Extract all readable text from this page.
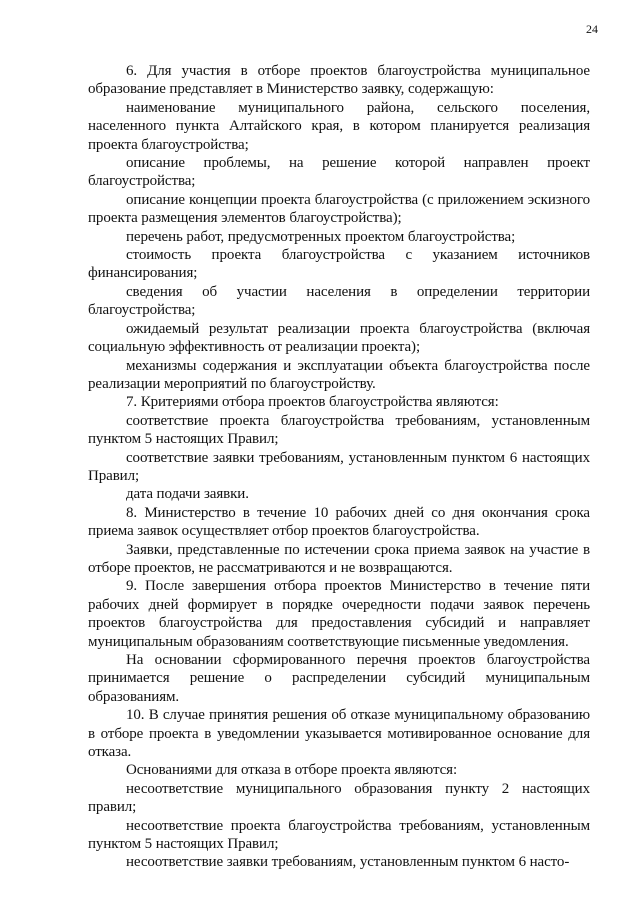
24

6. Для участия в отборе проектов благоустройства муниципальное образование представляет в Министерство заявку, содержащую:

наименование муниципального района, сельского поселения, населенного пункта Алтайского края, в котором планируется реализация проекта благоустройства;

описание проблемы, на решение которой направлен проект благоустройства;

описание концепции проекта благоустройства (с приложением эскизного проекта размещения элементов благоустройства);

перечень работ, предусмотренных проектом благоустройства;

стоимость проекта благоустройства с указанием источников финансирования;

сведения об участии населения в определении территории благоустройства;

ожидаемый результат реализации проекта благоустройства (включая социальную эффективность от реализации проекта);

механизмы содержания и эксплуатации объекта благоустройства после реализации мероприятий по благоустройству.

7. Критериями отбора проектов благоустройства являются:

соответствие проекта благоустройства требованиям, установленным пунктом 5 настоящих Правил;

соответствие заявки требованиям, установленным пунктом 6 настоящих Правил;

дата подачи заявки.

8. Министерство в течение 10 рабочих дней со дня окончания срока приема заявок осуществляет отбор проектов благоустройства.

Заявки, представленные по истечении срока приема заявок на участие в отборе проектов, не рассматриваются и не возвращаются.

9. После завершения отбора проектов Министерство в течение пяти рабочих дней формирует в порядке очередности подачи заявок перечень проектов благоустройства для предоставления субсидий и направляет муниципальным образованиям соответствующие письменные уведомления.

На основании сформированного перечня проектов благоустройства принимается решение о распределении субсидий муниципальным образованиям.

10. В случае принятия решения об отказе муниципальному образованию в отборе проекта в уведомлении указывается мотивированное основание для отказа.

Основаниями для отказа в отборе проекта являются:

несоответствие муниципального образования пункту 2 настоящих правил;

несоответствие проекта благоустройства требованиям, установленным пунктом 5 настоящих Правил;

несоответствие заявки требованиям, установленным пунктом 6 насто-
